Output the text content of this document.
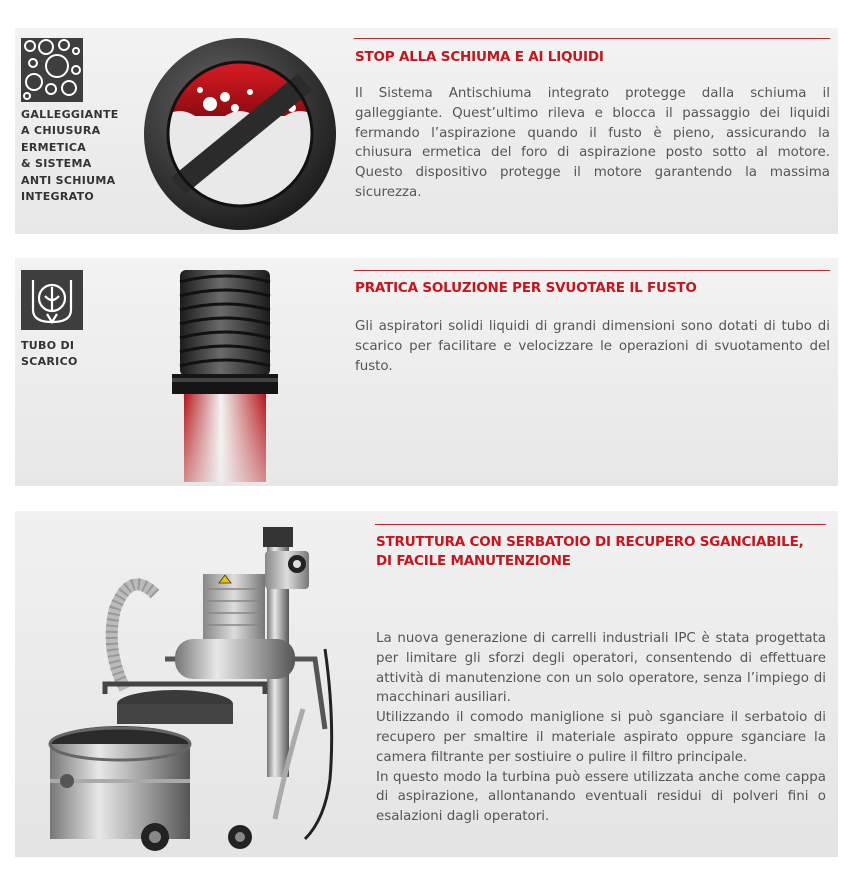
GALLEGGIANTE
A CHIUSURA
ERMETICA
& SISTEMA
ANTI SCHIUMA
INTEGRATO
STOP ALLA SCHIUMA E AI LIQUIDI

Il Sistema Antischiuma integrato protegge dalla schiuma il galleggiante. Quest’ultimo rileva e blocca il passaggio dei liquidi fermando l’aspirazione quando il fusto è pieno, assicurando la chiusura ermetica del foro di aspirazione posto sotto al motore. Questo dispositivo protegge il motore garantendo la massima sicurezza.

TUBO DI
SCARICO
PRATICA SOLUZIONE PER SVUOTARE IL FUSTO

Gli aspiratori solidi liquidi di grandi dimensioni sono dotati di tubo di scarico per facilitare e velocizzare le operazioni di svuotamento del fusto.

STRUTTURA CON SERBATOIO DI RECUPERO SGANCIABILE,
DI FACILE MANUTENZIONE

La nuova generazione di carrelli industriali IPC è stata progettata per limitare gli sforzi degli operatori, consentendo di effettuare attività di manutenzione con un solo operatore, senza l’impiego di macchinari ausiliari.

Utilizzando il comodo maniglione si può sganciare il serbatoio di recupero per smaltire il materiale aspirato oppure sganciare la camera filtrante per sostiuire o pulire il filtro principale.

In questo modo la turbina può essere utilizzata anche come cappa di aspirazione, allontanando eventuali residui di polveri fini o esalazioni dagli operatori.
